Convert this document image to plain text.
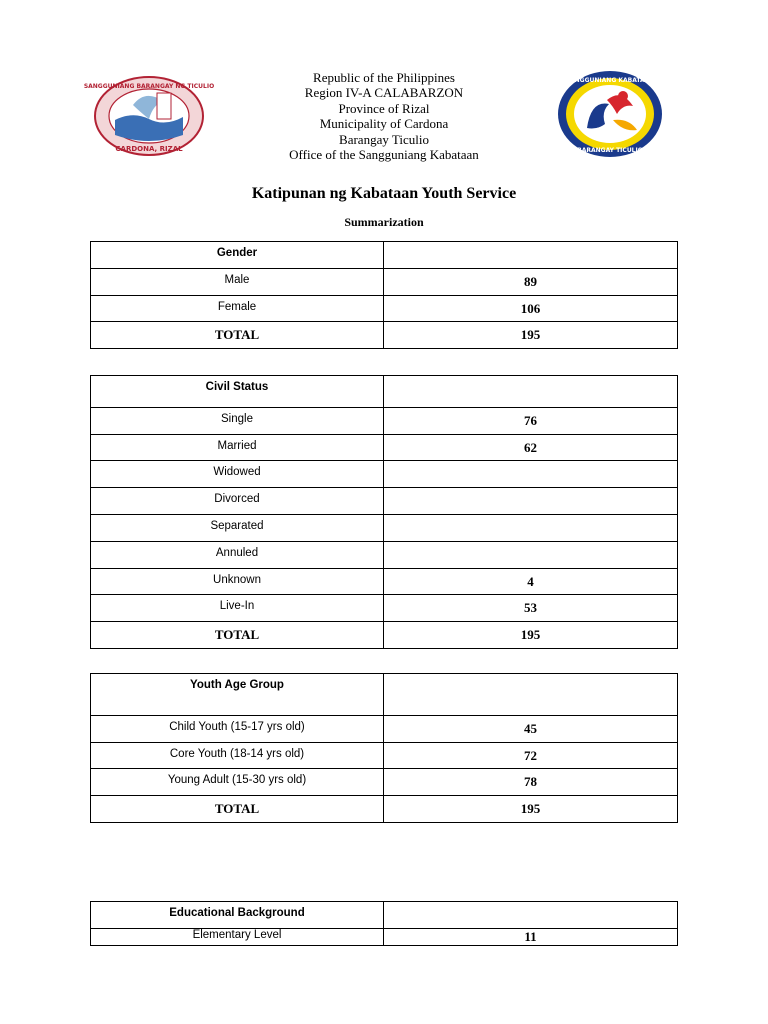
SANGGUNIANG BARANGAY NG TICULIO
CARDONA, RIZAL
SANGGUNIANG KABATAAN
BARANGAY TICULIO
Republic of the Philippines
Region IV-A CALABARZON
Province of Rizal
Municipality of Cardona
Barangay Ticulio
Office of the Sangguniang Kabataan
Katipunan ng Kabataan Youth Service
Summarization
Gender	

Male	89

Female	106

TOTAL	195
Civil Status	

Single	76

Married	62

Widowed	

Divorced	

Separated	

Annuled	

Unknown	4

Live-In	53

TOTAL	195
Youth Age Group	

Child Youth (15-17 yrs old)	45

Core Youth (18-14 yrs old)	72

Young Adult (15-30 yrs old)	78

TOTAL	195
Educational Background	

Elementary Level	11
